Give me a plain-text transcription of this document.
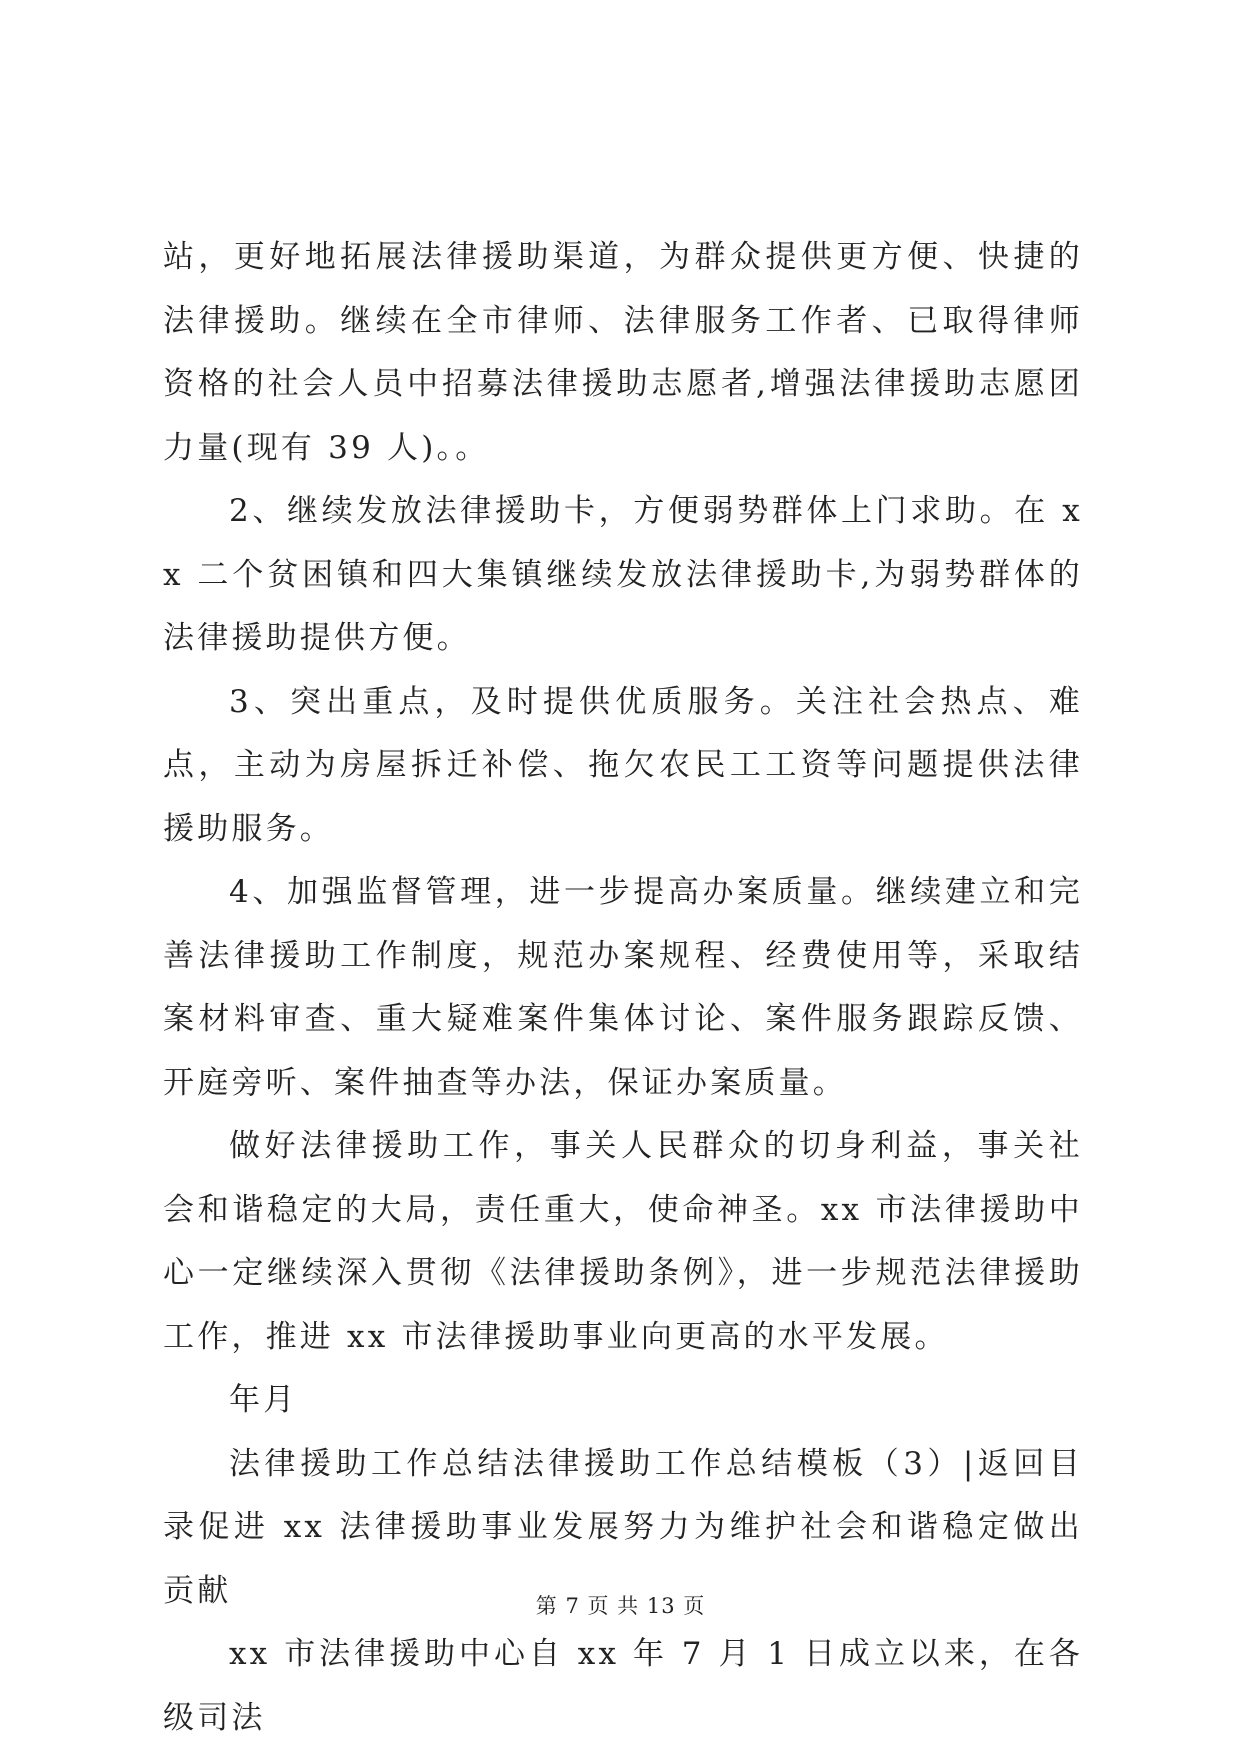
站，更好地拓展法律援助渠道，为群众提供更方便、快捷的法律援助。继续在全市律师、法律服务工作者、已取得律师资格的社会人员中招募法律援助志愿者,增强法律援助志愿团力量(现有 39 人)。。

2、继续发放法律援助卡，方便弱势群体上门求助。在 xx 二个贫困镇和四大集镇继续发放法律援助卡,为弱势群体的法律援助提供方便。

3、突出重点，及时提供优质服务。关注社会热点、难点，主动为房屋拆迁补偿、拖欠农民工工资等问题提供法律援助服务。

4、加强监督管理，进一步提高办案质量。继续建立和完善法律援助工作制度，规范办案规程、经费使用等，采取结案材料审查、重大疑难案件集体讨论、案件服务跟踪反馈、开庭旁听、案件抽查等办法，保证办案质量。

做好法律援助工作，事关人民群众的切身利益，事关社会和谐稳定的大局，责任重大，使命神圣。xx 市法律援助中心一定继续深入贯彻《法律援助条例》，进一步规范法律援助工作，推进 xx 市法律援助事业向更高的水平发展。

年月

法律援助工作总结法律援助工作总结模板（3）|返回目录促进 xx 法律援助事业发展努力为维护社会和谐稳定做出贡献

xx 市法律援助中心自 xx 年 7 月 1 日成立以来，在各级司法

第 7 页 共 13 页
